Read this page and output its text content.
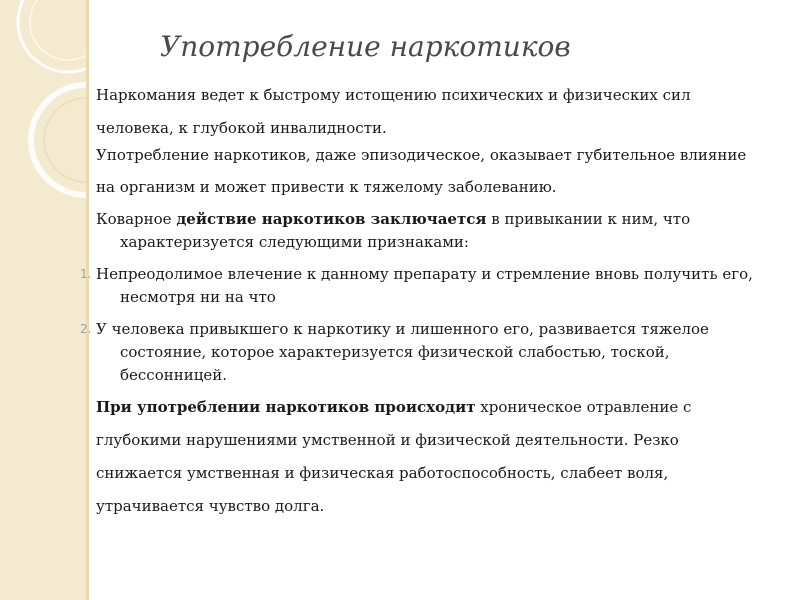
Употребление наркотиков
Наркомания ведет к быстрому истощению психических и физических сил
человека, к глубокой инвалидности.
Употребление наркотиков, даже эпизодическое, оказывает губительное влияние
на организм и может привести к тяжелому заболеванию.
Коварное действие наркотиков заключается в привыкании к ним, что характеризуется следующими признаками:
1. Непреодолимое влечение к данному препарату и стремление вновь получить его, несмотря ни на что
2. У человека привыкшего к наркотику и лишенного его, развивается тяжелое состояние, которое характеризуется физической слабостью, тоской, бессонницей.
При употреблении наркотиков происходит хроническое отравление с
глубокими нарушениями умственной и физической деятельности. Резко
снижается умственная и физическая работоспособность, слабеет воля,
утрачивается чувство долга.
